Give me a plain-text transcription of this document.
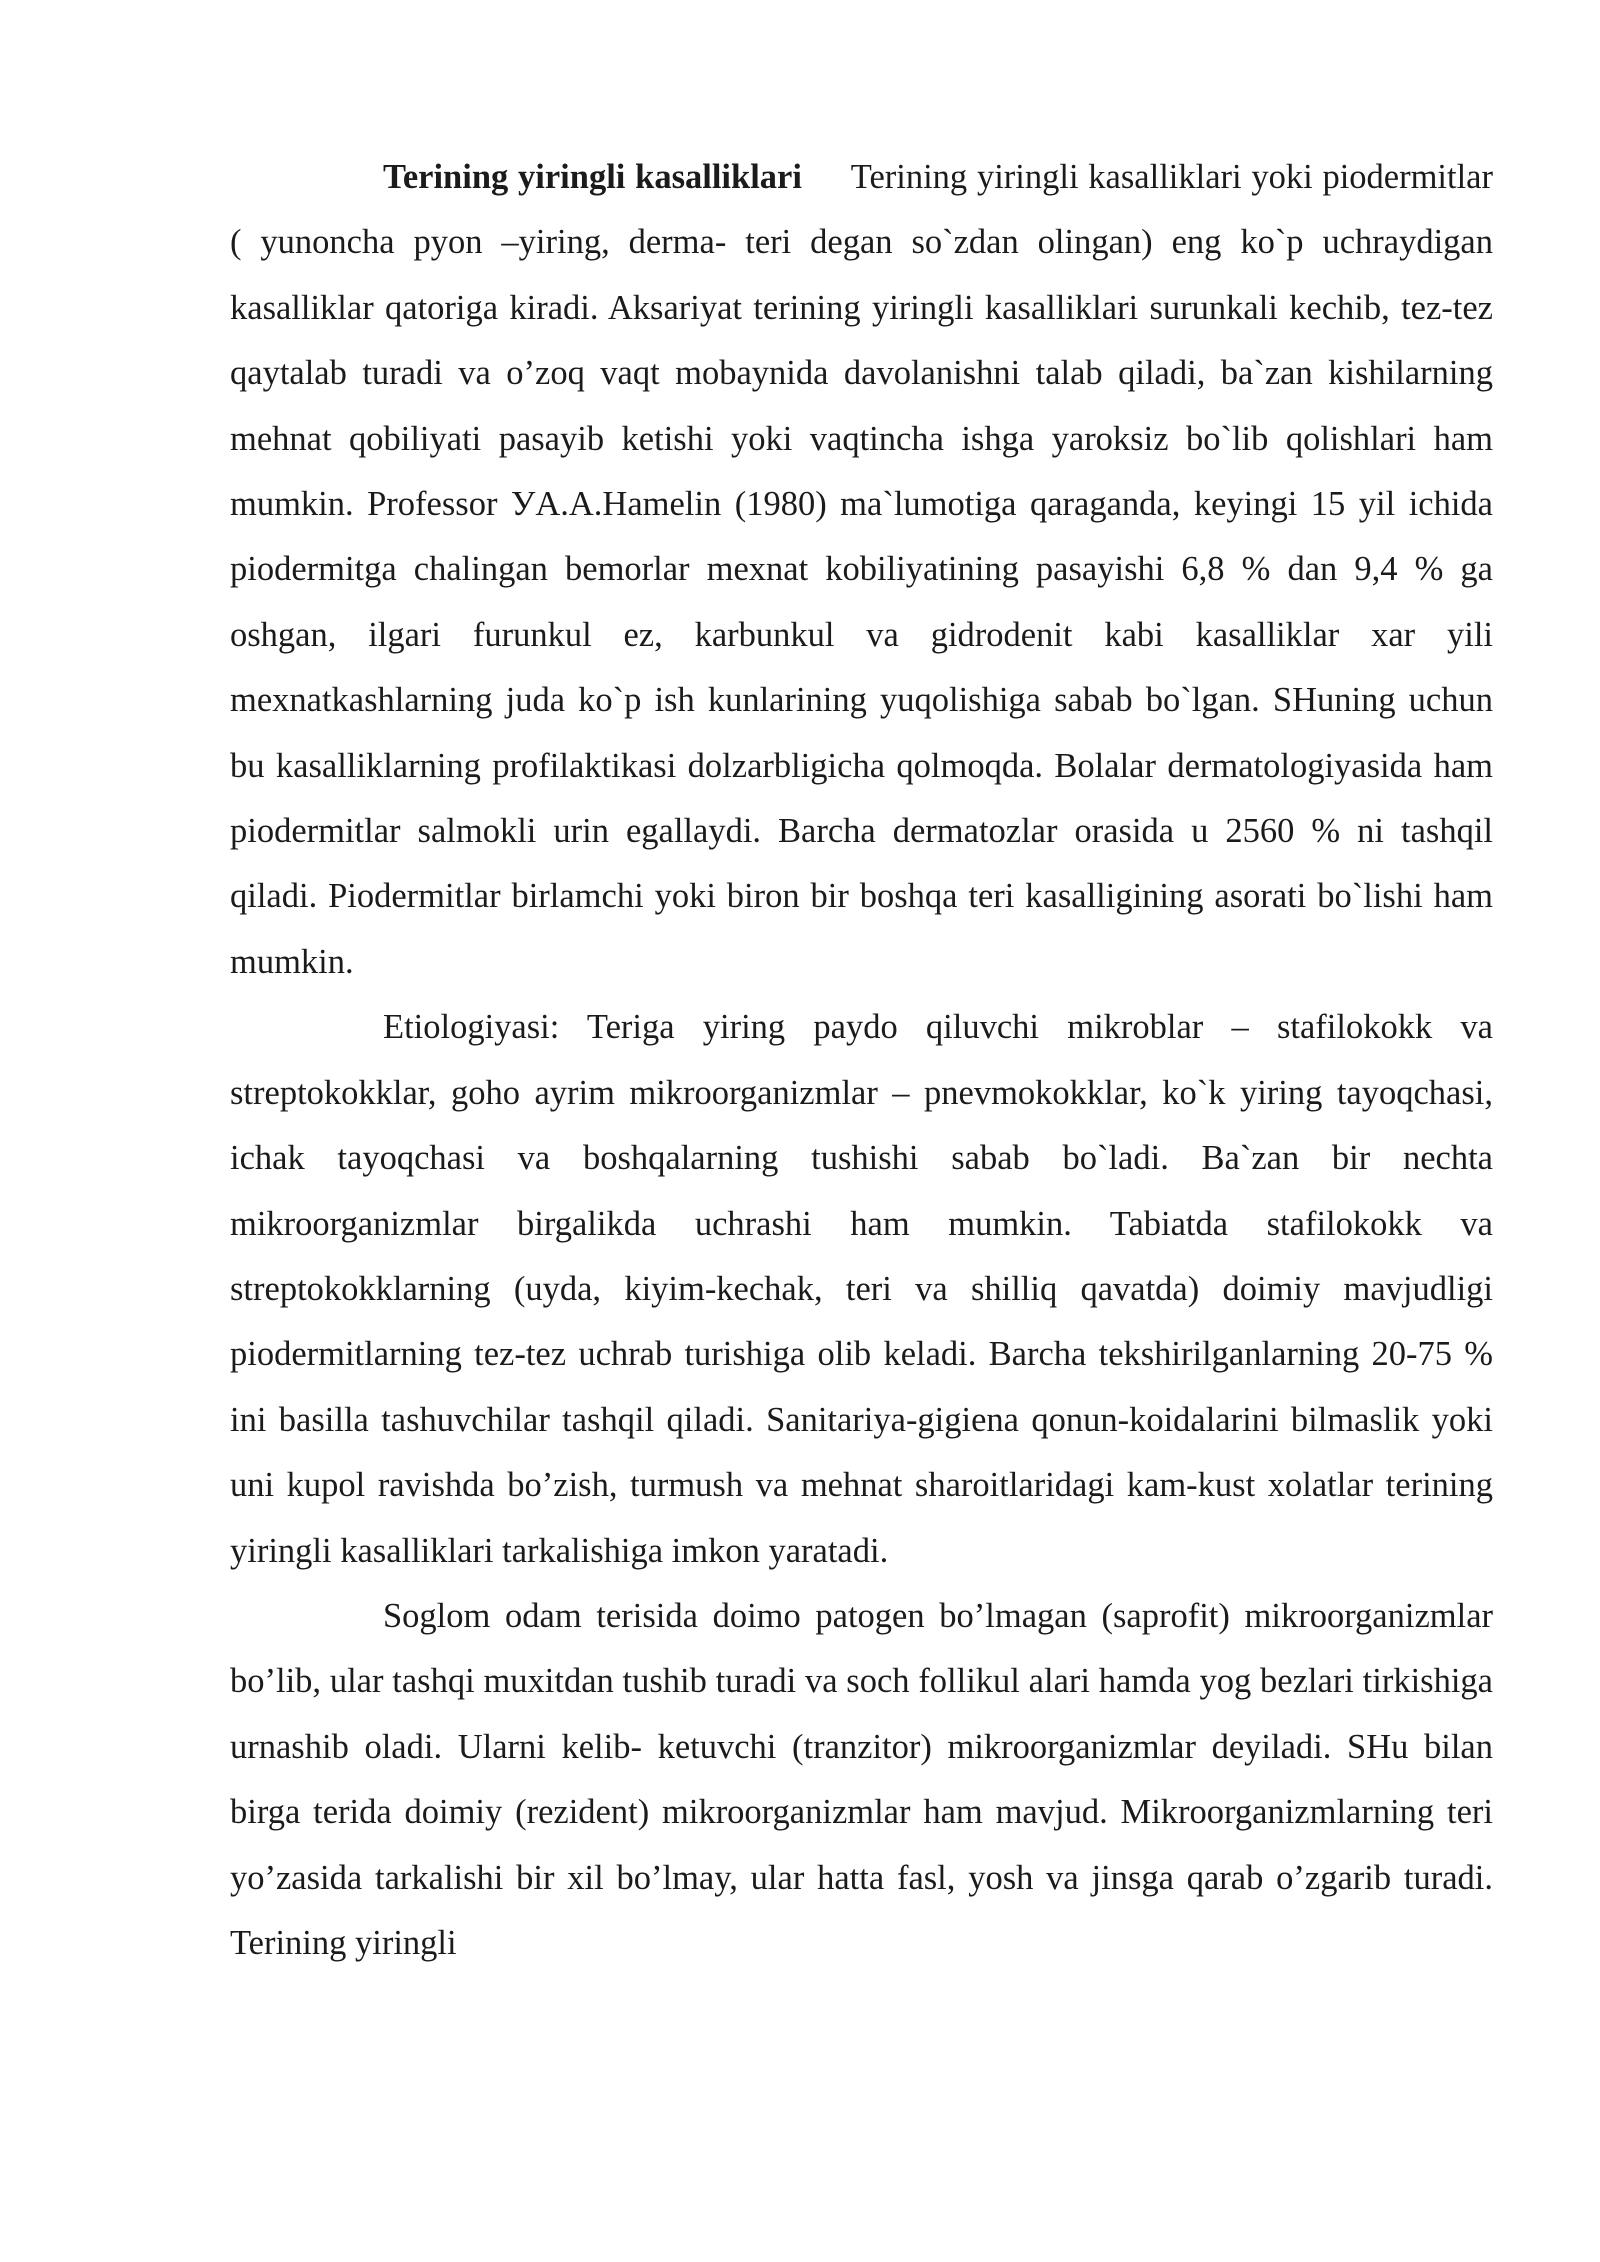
Terining yiringli kasalliklari Terining yiringli kasalliklari yoki piodermitlar ( yunoncha pyon –yiring, derma- teri degan so`zdan olingan) eng ko`p uchraydigan kasalliklar qatoriga kiradi. Aksariyat terining yiringli kasalliklari surunkali kechib, tez-tez qaytalab turadi va o’zoq vaqt mobaynida davolanishni talab qiladi, ba`zan kishilarning mehnat qobiliyati pasayib ketishi yoki vaqtincha ishga yaroksiz bo`lib qolishlari ham mumkin. Professor УA.A.Hamelin (1980) ma`lumotiga qaraganda, keyingi 15 yil ichida piodermitga chalingan bemorlar mexnat kobiliyatining pasayishi 6,8 % dan 9,4 % ga oshgan, ilgari furunkul ez, karbunkul va gidrodenit kabi kasalliklar xar yili mexnatkashlarning juda ko`p ish kunlarining yuqolishiga sabab bo`lgan. SHuning uchun bu kasalliklarning profilaktikasi dolzarbligicha qolmoqda. Bolalar dermatologiyasida ham piodermitlar salmokli urin egallaydi. Barcha dermatozlar orasida u 2560 % ni tashqil qiladi. Piodermitlar birlamchi yoki biron bir boshqa teri kasalligining asorati bo`lishi ham mumkin.

Etiologiyasi: Teriga yiring paydo qiluvchi mikroblar – stafilokokk va streptokokklar, goho ayrim mikroorganizmlar – pnevmokokklar, ko`k yiring tayoqchasi, ichak tayoqchasi va boshqalarning tushishi sabab bo`ladi. Ba`zan bir nechta mikroorganizmlar birgalikda uchrashi ham mumkin. Tabiatda stafilokokk va streptokokklarning (uyda, kiyim-kechak, teri va shilliq qavatda) doimiy mavjudligi piodermitlarning tez-tez uchrab turishiga olib keladi. Barcha tekshirilganlarning 20-75 % ini basilla tashuvchilar tashqil qiladi. Sanitariya-gigiena qonun-koidalarini bilmaslik yoki uni kupol ravishda bo’zish, turmush va mehnat sharoitlaridagi kam-kust xolatlar terining yiringli kasalliklari tarkalishiga imkon yaratadi.

Soglom odam terisida doimo patogen bo’lmagan (saprofit) mikroorganizmlar bo’lib, ular tashqi muxitdan tushib turadi va soch follikul alari hamda yog bezlari tirkishiga urnashib oladi. Ularni kelib- ketuvchi (tranzitor) mikroorganizmlar deyiladi. SHu bilan birga terida doimiy (rezident) mikroorganizmlar ham mavjud. Mikroorganizmlarning teri yo’zasida tarkalishi bir xil bo’lmay, ular hatta fasl, yosh va jinsga qarab o’zgarib turadi. Terining yiringli
